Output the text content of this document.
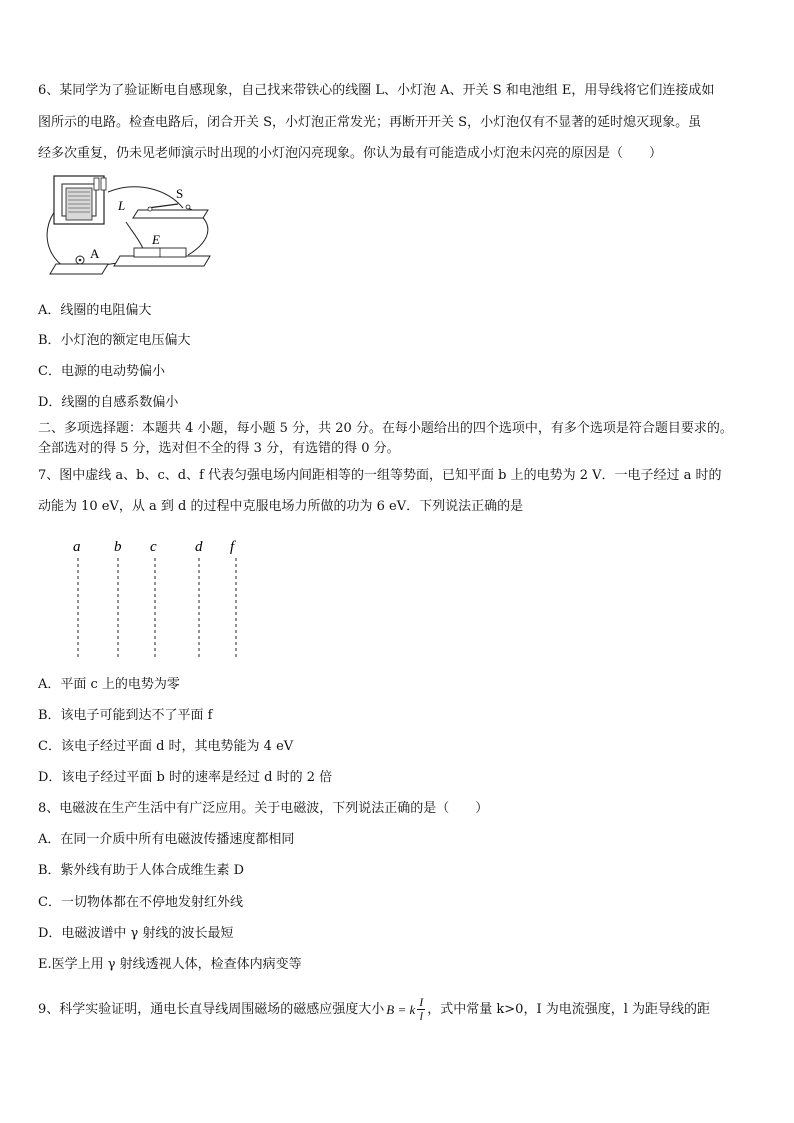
6、某同学为了验证断电自感现象，自己找来带铁心的线圈 L、小灯泡 A、开关 S 和电池组 E，用导线将它们连接成如
图所示的电路。检查电路后，闭合开关 S，小灯泡正常发光；再断开开关 S，小灯泡仅有不显著的延时熄灭现象。虽
经多次重复，仍未见老师演示时出现的小灯泡闪亮现象。你认为最有可能造成小灯泡未闪亮的原因是（　　）
L
S
E
A
A．线圈的电阻偏大
B．小灯泡的额定电压偏大
C．电源的电动势偏小
D．线圈的自感系数偏小
二、多项选择题：本题共 4 小题，每小题 5 分，共 20 分。在每小题给出的四个选项中，有多个选项是符合题目要求的。
全部选对的得 5 分，选对但不全的得 3 分，有选错的得 0 分。
7、图中虚线 a、b、c、d、f 代表匀强电场内间距相等的一组等势面，已知平面 b 上的电势为 2 V．一电子经过 a 时的
动能为 10 eV，从 a 到 d 的过程中克服电场力所做的功为 6 eV．下列说法正确的是
a b c	d f
A．平面 c 上的电势为零
B．该电子可能到达不了平面 f
C．该电子经过平面 d 时，其电势能为 4 eV
D．该电子经过平面 b 时的速率是经过 d 时的 2 倍
8、电磁波在生产生活中有广泛应用。关于电磁波，下列说法正确的是（　　）
A．在同一介质中所有电磁波传播速度都相同
B．紫外线有助于人体合成维生素 D
C．一切物体都在不停地发射红外线
D．电磁波谱中 γ 射线的波长最短
E.医学上用 γ 射线透视人体，检查体内病变等
9、科学实验证明，通电长直导线周围磁场的磁感应强度大小 B = k $\frac{I}{l}$ ，式中常量 k>0，I 为电流强度，l 为距导线的距
